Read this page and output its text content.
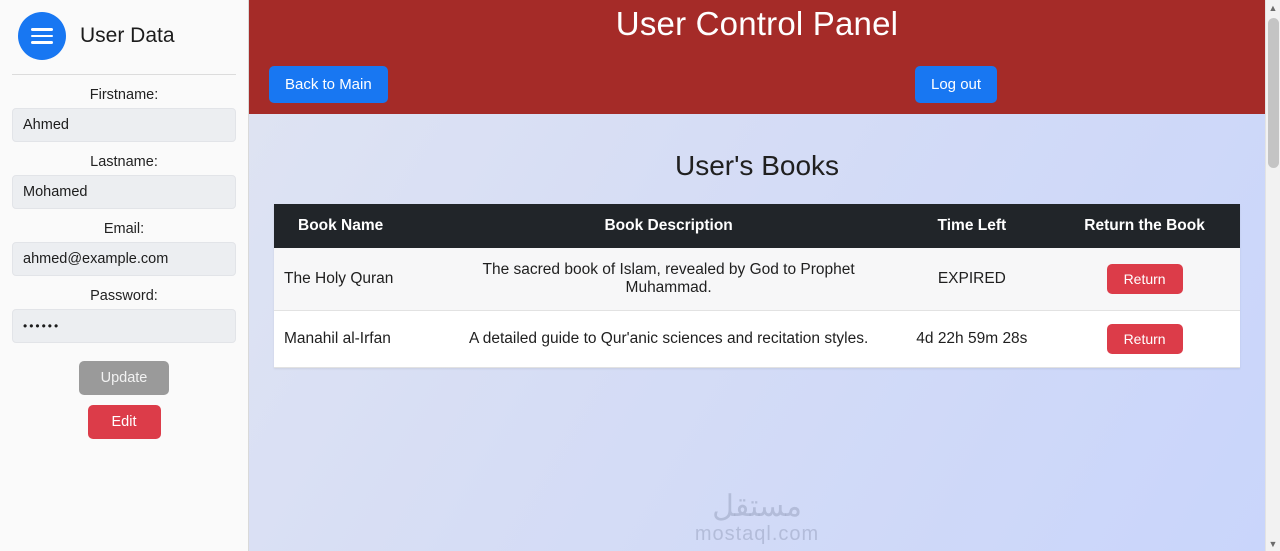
User Data
Firstname:
Ahmed
Lastname:
Mohamed
Email:
ahmed@example.com
Password:
••••••
Update
Edit
User Control Panel
Back to Main	Log out
User's Books
Book Name	Book Description	Time Left	Return the Book
The Holy Quran	The sacred book of Islam, revealed by God to Prophet Muhammad.	EXPIRED	Return
Manahil al-Irfan	A detailed guide to Qur'anic sciences and recitation styles.	4d 22h 59m 28s	Return
مستقل
mostaql.com
▲
▼
